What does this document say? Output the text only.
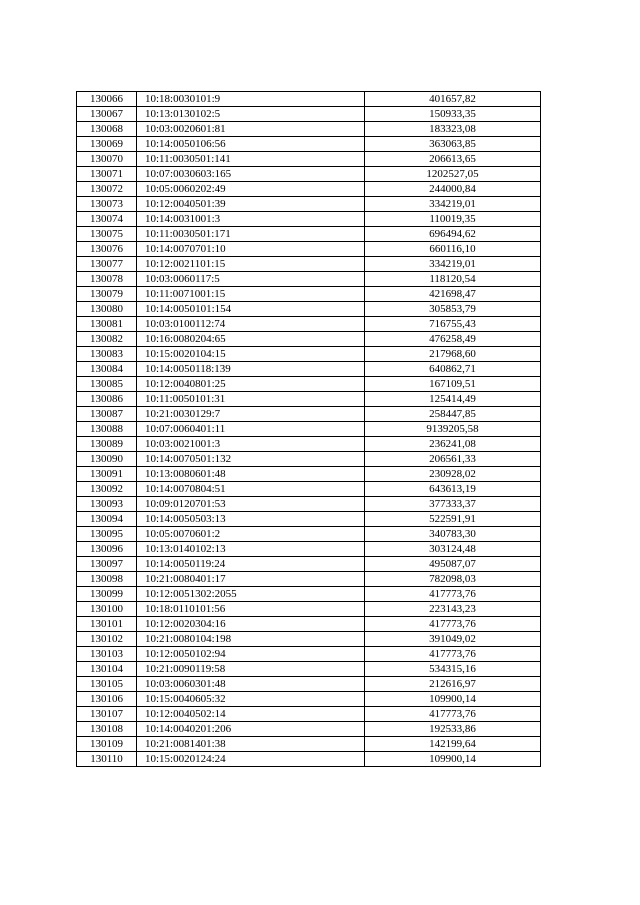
130066	10:18:0030101:9	401657,82
130067	10:13:0130102:5	150933,35
130068	10:03:0020601:81	183323,08
130069	10:14:0050106:56	363063,85
130070	10:11:0030501:141	206613,65
130071	10:07:0030603:165	1202527,05
130072	10:05:0060202:49	244000,84
130073	10:12:0040501:39	334219,01
130074	10:14:0031001:3	110019,35
130075	10:11:0030501:171	696494,62
130076	10:14:0070701:10	660116,10
130077	10:12:0021101:15	334219,01
130078	10:03:0060117:5	118120,54
130079	10:11:0071001:15	421698,47
130080	10:14:0050101:154	305853,79
130081	10:03:0100112:74	716755,43
130082	10:16:0080204:65	476258,49
130083	10:15:0020104:15	217968,60
130084	10:14:0050118:139	640862,71
130085	10:12:0040801:25	167109,51
130086	10:11:0050101:31	125414,49
130087	10:21:0030129:7	258447,85
130088	10:07:0060401:11	9139205,58
130089	10:03:0021001:3	236241,08
130090	10:14:0070501:132	206561,33
130091	10:13:0080601:48	230928,02
130092	10:14:0070804:51	643613,19
130093	10:09:0120701:53	377333,37
130094	10:14:0050503:13	522591,91
130095	10:05:0070601:2	340783,30
130096	10:13:0140102:13	303124,48
130097	10:14:0050119:24	495087,07
130098	10:21:0080401:17	782098,03
130099	10:12:0051302:2055	417773,76
130100	10:18:0110101:56	223143,23
130101	10:12:0020304:16	417773,76
130102	10:21:0080104:198	391049,02
130103	10:12:0050102:94	417773,76
130104	10:21:0090119:58	534315,16
130105	10:03:0060301:48	212616,97
130106	10:15:0040605:32	109900,14
130107	10:12:0040502:14	417773,76
130108	10:14:0040201:206	192533,86
130109	10:21:0081401:38	142199,64
130110	10:15:0020124:24	109900,14
